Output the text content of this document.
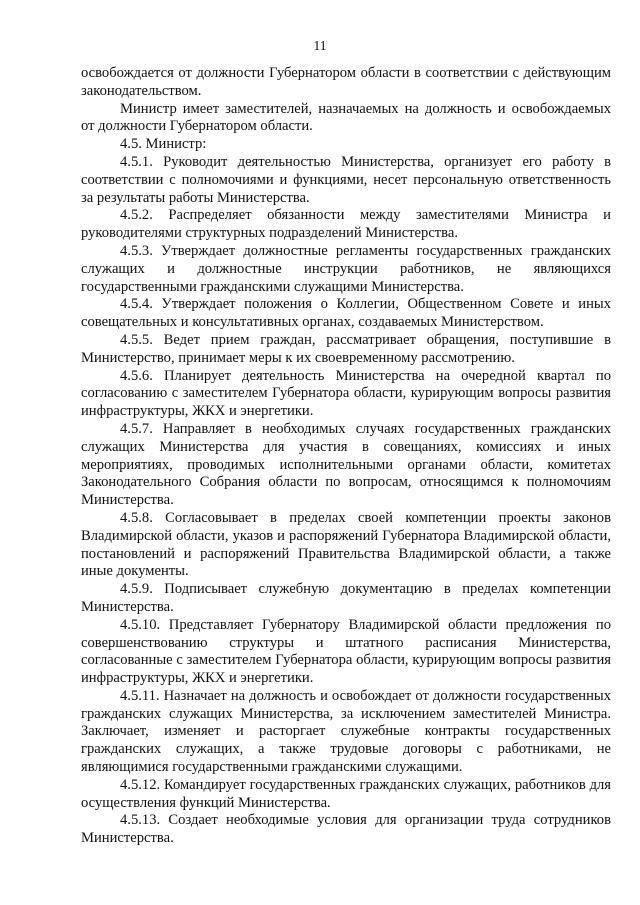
11

освобождается от должности Губернатором области в соответствии с действующим законодательством.

Министр имеет заместителей, назначаемых на должность и освобождаемых от должности Губернатором области.

4.5. Министр:

4.5.1. Руководит деятельностью Министерства, организует его работу в соответствии с полномочиями и функциями, несет персональную ответственность за результаты работы Министерства.

4.5.2. Распределяет обязанности между заместителями Министра и руководителями структурных подразделений Министерства.

4.5.3. Утверждает должностные регламенты государственных гражданских служащих и должностные инструкции работников, не являющихся государственными гражданскими служащими Министерства.

4.5.4. Утверждает положения о Коллегии, Общественном Совете и иных совещательных и консультативных органах, создаваемых Министерством.

4.5.5. Ведет прием граждан, рассматривает обращения, поступившие в Министерство, принимает меры к их своевременному рассмотрению.

4.5.6. Планирует деятельность Министерства на очередной квартал по согласованию с заместителем Губернатора области, курирующим вопросы развития инфраструктуры, ЖКХ и энергетики.

4.5.7. Направляет в необходимых случаях государственных гражданских служащих Министерства для участия в совещаниях, комиссиях и иных мероприятиях, проводимых исполнительными органами области, комитетах Законодательного Собрания области по вопросам, относящимся к полномочиям Министерства.

4.5.8. Согласовывает в пределах своей компетенции проекты законов Владимирской области, указов и распоряжений Губернатора Владимирской области, постановлений и распоряжений Правительства Владимирской области, а также иные документы.

4.5.9. Подписывает служебную документацию в пределах компетенции Министерства.

4.5.10. Представляет Губернатору Владимирской области предложения по совершенствованию структуры и штатного расписания Министерства, согласованные с заместителем Губернатора области, курирующим вопросы развития инфраструктуры, ЖКХ и энергетики.

4.5.11. Назначает на должность и освобождает от должности государственных гражданских служащих Министерства, за исключением заместителей Министра. Заключает, изменяет и расторгает служебные контракты государственных гражданских служащих, а также трудовые договоры с работниками, не являющимися государственными гражданскими служащими.

4.5.12. Командирует государственных гражданских служащих, работников для осуществления функций Министерства.

4.5.13. Создает необходимые условия для организации труда сотрудников Министерства.
